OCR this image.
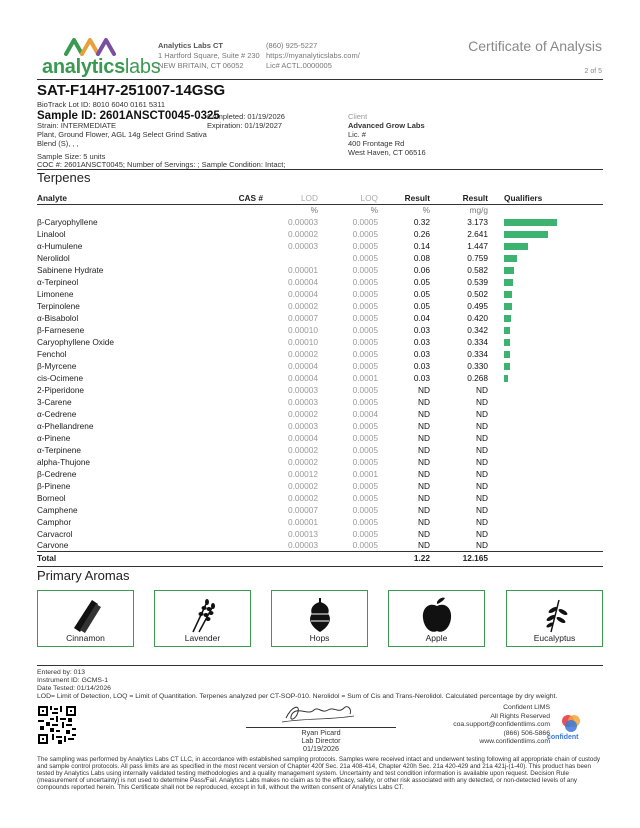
analyticslabs
Analytics Labs CT
1 Hartford Square, Suite # 230
NEW BRITAIN, CT 06052
(860) 925-5227
https://myanalyticslabs.com/
Lic# ACTL.0000005
Certificate of Analysis
2 of 5
SAT-F14H7-251007-14GSG
BioTrack Lot ID: 8010 6040 0161 5311
Sample ID: 2601ANSCT0045-0325
Strain: INTERMEDIATE
Plant, Ground Flower, AGL 14g Select Grind Sativa
Blend (S), , ,
Completed: 01/19/2026
Expiration: 01/19/2027
Sample Size: 5 units
COC #: 2601ANSCT0045; Number of Servings: ; Sample Condition: Intact;
Client
Advanced Grow Labs
Lic. #
400 Frontage Rd
West Haven, CT 06516
Terpenes
Analyte	CAS #	LOD	LOQ	Result	Result	Qualifiers
		%	%	%	mg/g	
β-Caryophyllene		0.00003	0.0005	0.32	3.173	
Linalool		0.00002	0.0005	0.26	2.641	
α-Humulene		0.00003	0.0005	0.14	1.447	
Nerolidol			0.0005	0.08	0.759	
Sabinene Hydrate		0.00001	0.0005	0.06	0.582	
α-Terpineol		0.00004	0.0005	0.05	0.539	
Limonene		0.00004	0.0005	0.05	0.502	
Terpinolene		0.00002	0.0005	0.05	0.495	
α-Bisabolol		0.00007	0.0005	0.04	0.420	
β-Farnesene		0.00010	0.0005	0.03	0.342	
Caryophyllene Oxide		0.00010	0.0005	0.03	0.334	
Fenchol		0.00002	0.0005	0.03	0.334	
β-Myrcene		0.00004	0.0005	0.03	0.330	
cis-Ocimene		0.00004	0.0001	0.03	0.268	
2-Piperidone		0.00003	0.0005	ND	ND	
3-Carene		0.00003	0.0005	ND	ND	
α-Cedrene		0.00002	0.0004	ND	ND	
α-Phellandrene		0.00003	0.0005	ND	ND	
α-Pinene		0.00004	0.0005	ND	ND	
α-Terpinene		0.00002	0.0005	ND	ND	
alpha-Thujone		0.00002	0.0005	ND	ND	
β-Cedrene		0.00012	0.0001	ND	ND	
β-Pinene		0.00002	0.0005	ND	ND	
Borneol		0.00002	0.0005	ND	ND	
Camphene		0.00007	0.0005	ND	ND	
Camphor		0.00001	0.0005	ND	ND	
Carvacrol		0.00013	0.0005	ND	ND	
Carvone		0.00003	0.0005	ND	ND	
Total				1.22	12.165	
Primary Aromas
Cinnamon	Lavender	Hops	Apple	Eucalyptus
Entered by: 013
Instrument ID: GCMS-1
Date Tested: 01/14/2026
LOD= Limit of Detection, LOQ = Limit of Quantitation. Terpenes analyzed per CT-SOP-010. Nerolidol = Sum of Cis and Trans-Nerolidol. Calculated percentage by dry weight.
Ryan Picard
Lab Director
01/19/2026
Confident LIMS
All Rights Reserved
coa.support@confidentlims.com
(866) 506-5866
www.confidentlims.com
confident
The sampling was performed by Analytics Labs CT LLC, in accordance with established sampling protocols. Samples were received intact and underwent testing following all appropriate chain of custody and sample control protocols. All pass limits are as specified in the most recent version of Chapter 420f Sec. 21a 408-414, Chapter 420h Sec. 21a 420-429 and 21a 421j-(1-40). This product has been tested by Analytics Labs using internally validated testing methodologies and a quality management system. Uncertainty and test condition information is available upon request. Decision Rule (measurement of uncertainty) is not used to determine Pass/Fail. Analytics Labs makes no claim as to the efficacy, safety, or other risk associated with any detected, or non-detected levels of any compounds reported herein. This Certificate shall not be reproduced, except in full, without the written consent of Analytics Labs CT.
